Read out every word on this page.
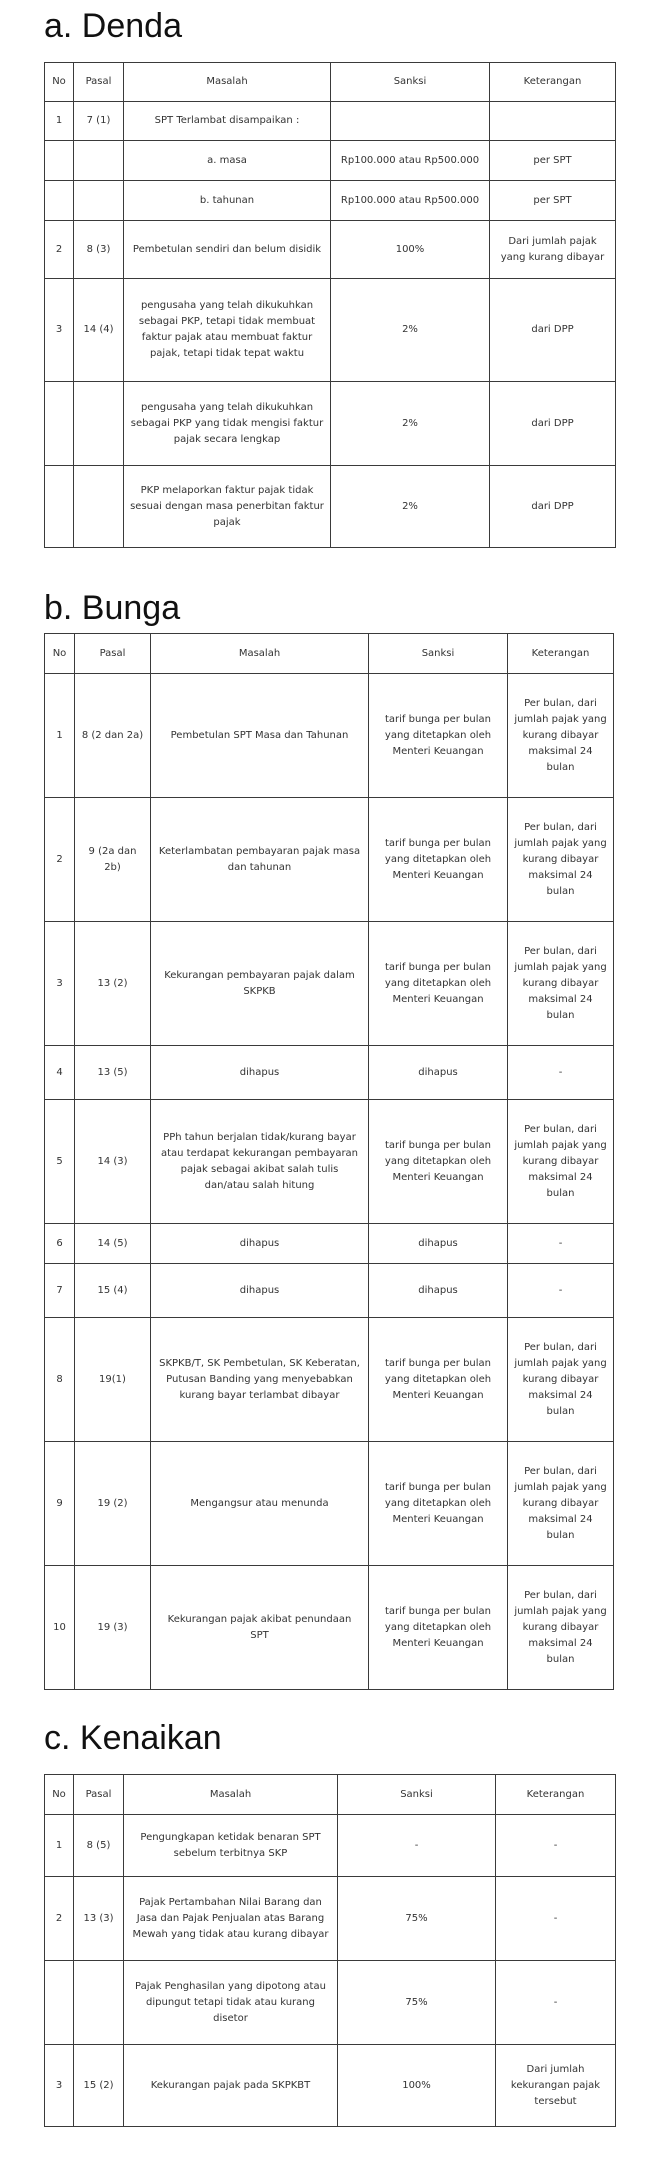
a. Denda
No	Pasal	Masalah	Sanksi	Keterangan
1	7 (1)	SPT Terlambat disampaikan :		
		a. masa	Rp100.000 atau Rp500.000	per SPT
		b. tahunan	Rp100.000 atau Rp500.000	per SPT
2	8 (3)	Pembetulan sendiri dan belum disidik	100%	Dari jumlah pajak yang kurang dibayar
3	14 (4)	pengusaha yang telah dikukuhkan sebagai PKP, tetapi tidak membuat faktur pajak atau membuat faktur pajak, tetapi tidak tepat waktu	2%	dari DPP
		pengusaha yang telah dikukuhkan sebagai PKP yang tidak mengisi faktur pajak secara lengkap	2%	dari DPP
		PKP melaporkan faktur pajak tidak sesuai dengan masa penerbitan faktur pajak	2%	dari DPP
b. Bunga
No	Pasal	Masalah	Sanksi	Keterangan
1	8 (2 dan 2a)	Pembetulan SPT Masa dan Tahunan	tarif bunga per bulan yang ditetapkan oleh Menteri Keuangan	Per bulan, dari jumlah pajak yang kurang dibayar maksimal 24 bulan
2	9 (2a dan 2b)	Keterlambatan pembayaran pajak masa dan tahunan	tarif bunga per bulan yang ditetapkan oleh Menteri Keuangan	Per bulan, dari jumlah pajak yang kurang dibayar maksimal 24 bulan
3	13 (2)	Kekurangan pembayaran pajak dalam SKPKB	tarif bunga per bulan yang ditetapkan oleh Menteri Keuangan	Per bulan, dari jumlah pajak yang kurang dibayar maksimal 24 bulan
4	13 (5)	dihapus	dihapus	-
5	14 (3)	PPh tahun berjalan tidak/kurang bayar atau terdapat kekurangan pembayaran pajak sebagai akibat salah tulis dan/atau salah hitung	tarif bunga per bulan yang ditetapkan oleh Menteri Keuangan	Per bulan, dari jumlah pajak yang kurang dibayar maksimal 24 bulan
6	14 (5)	dihapus	dihapus	-
7	15 (4)	dihapus	dihapus	-
8	19(1)	SKPKB/T, SK Pembetulan, SK Keberatan, Putusan Banding yang menyebabkan kurang bayar terlambat dibayar	tarif bunga per bulan yang ditetapkan oleh Menteri Keuangan	Per bulan, dari jumlah pajak yang kurang dibayar maksimal 24 bulan
9	19 (2)	Mengangsur atau menunda	tarif bunga per bulan yang ditetapkan oleh Menteri Keuangan	Per bulan, dari jumlah pajak yang kurang dibayar maksimal 24 bulan
10	19 (3)	Kekurangan pajak akibat penundaan SPT	tarif bunga per bulan yang ditetapkan oleh Menteri Keuangan	Per bulan, dari jumlah pajak yang kurang dibayar maksimal 24 bulan
c. Kenaikan
No	Pasal	Masalah	Sanksi	Keterangan
1	8 (5)	Pengungkapan ketidak benaran SPT sebelum terbitnya SKP	-	-
2	13 (3)	Pajak Pertambahan Nilai Barang dan Jasa dan Pajak Penjualan atas Barang Mewah yang tidak atau kurang dibayar	75%	-
		Pajak Penghasilan yang dipotong atau dipungut tetapi tidak atau kurang disetor	75%	-
3	15 (2)	Kekurangan pajak pada SKPKBT	100%	Dari jumlah kekurangan pajak tersebut
